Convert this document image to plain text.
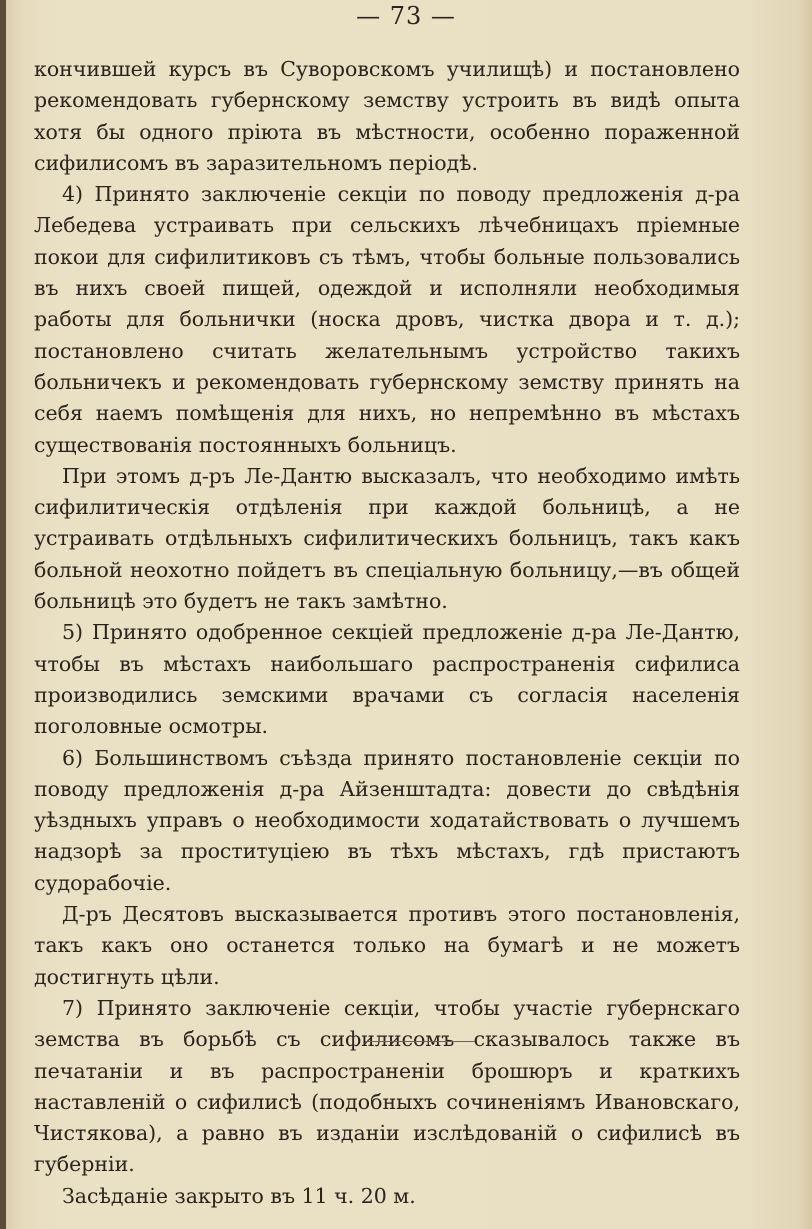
— 73 —

кончившей курсъ въ Суворовскомъ училищѣ) и постановлено рекомендовать губернскому земству устроить въ видѣ опыта хотя бы одного прiюта въ мѣстности, особенно пораженной сифилисомъ въ заразительномъ перiодѣ.

4) Принято заключенiе секцiи по поводу предложенiя д-ра Лебедева устраивать при сельскихъ лѣчебницахъ прiемные покои для сифилитиковъ съ тѣмъ, чтобы больные пользовались въ нихъ своей пищей, одеждой и исполняли необходимыя работы для больнички (носка дровъ, чистка двора и т. д.); постановлено считать желательнымъ устройство такихъ больничекъ и рекомендовать губернскому земству принять на себя наемъ помѣщенiя для нихъ, но непремѣнно въ мѣстахъ существованiя постоянныхъ больницъ.

При этомъ д-ръ Ле-Дантю высказалъ, что необходимо имѣть сифилитическiя отдѣленiя при каждой больницѣ, а не устраивать отдѣльныхъ сифилитическихъ больницъ, такъ какъ больной неохотно пойдетъ въ спецiальную больницу,—въ общей больницѣ это будетъ не такъ замѣтно.

5) Принято одобренное секцiей предложенiе д-ра Ле-Дантю, чтобы въ мѣстахъ наибольшаго распространенiя сифилиса производились земскими врачами съ согласiя населенiя поголовные осмотры.

6) Большинствомъ съѣзда принято постановленiе секцiи по поводу предложенiя д-ра Айзенштадта: довести до свѣдѣнiя уѣздныхъ управъ о необходимости ходатайствовать о лучшемъ надзорѣ за проституцiею въ тѣхъ мѣстахъ, гдѣ пристаютъ судорабочiе.

Д-ръ Десятовъ высказывается противъ этого постановленiя, такъ какъ оно останется только на бумагѣ и не можетъ достигнуть цѣли.

7) Принято заключенiе секцiи, чтобы участiе губернскаго земства въ борьбѣ съ сифилисомъ сказывалось также въ печатанiи и въ распространенiи брошюръ и краткихъ наставленiй о сифилисѣ (подобныхъ сочиненiямъ Ивановскаго, Чистякова), а равно въ изданiи изслѣдованiй о сифилисѣ въ губернiи.

Засѣданiе закрыто въ 11 ч. 20 м.
